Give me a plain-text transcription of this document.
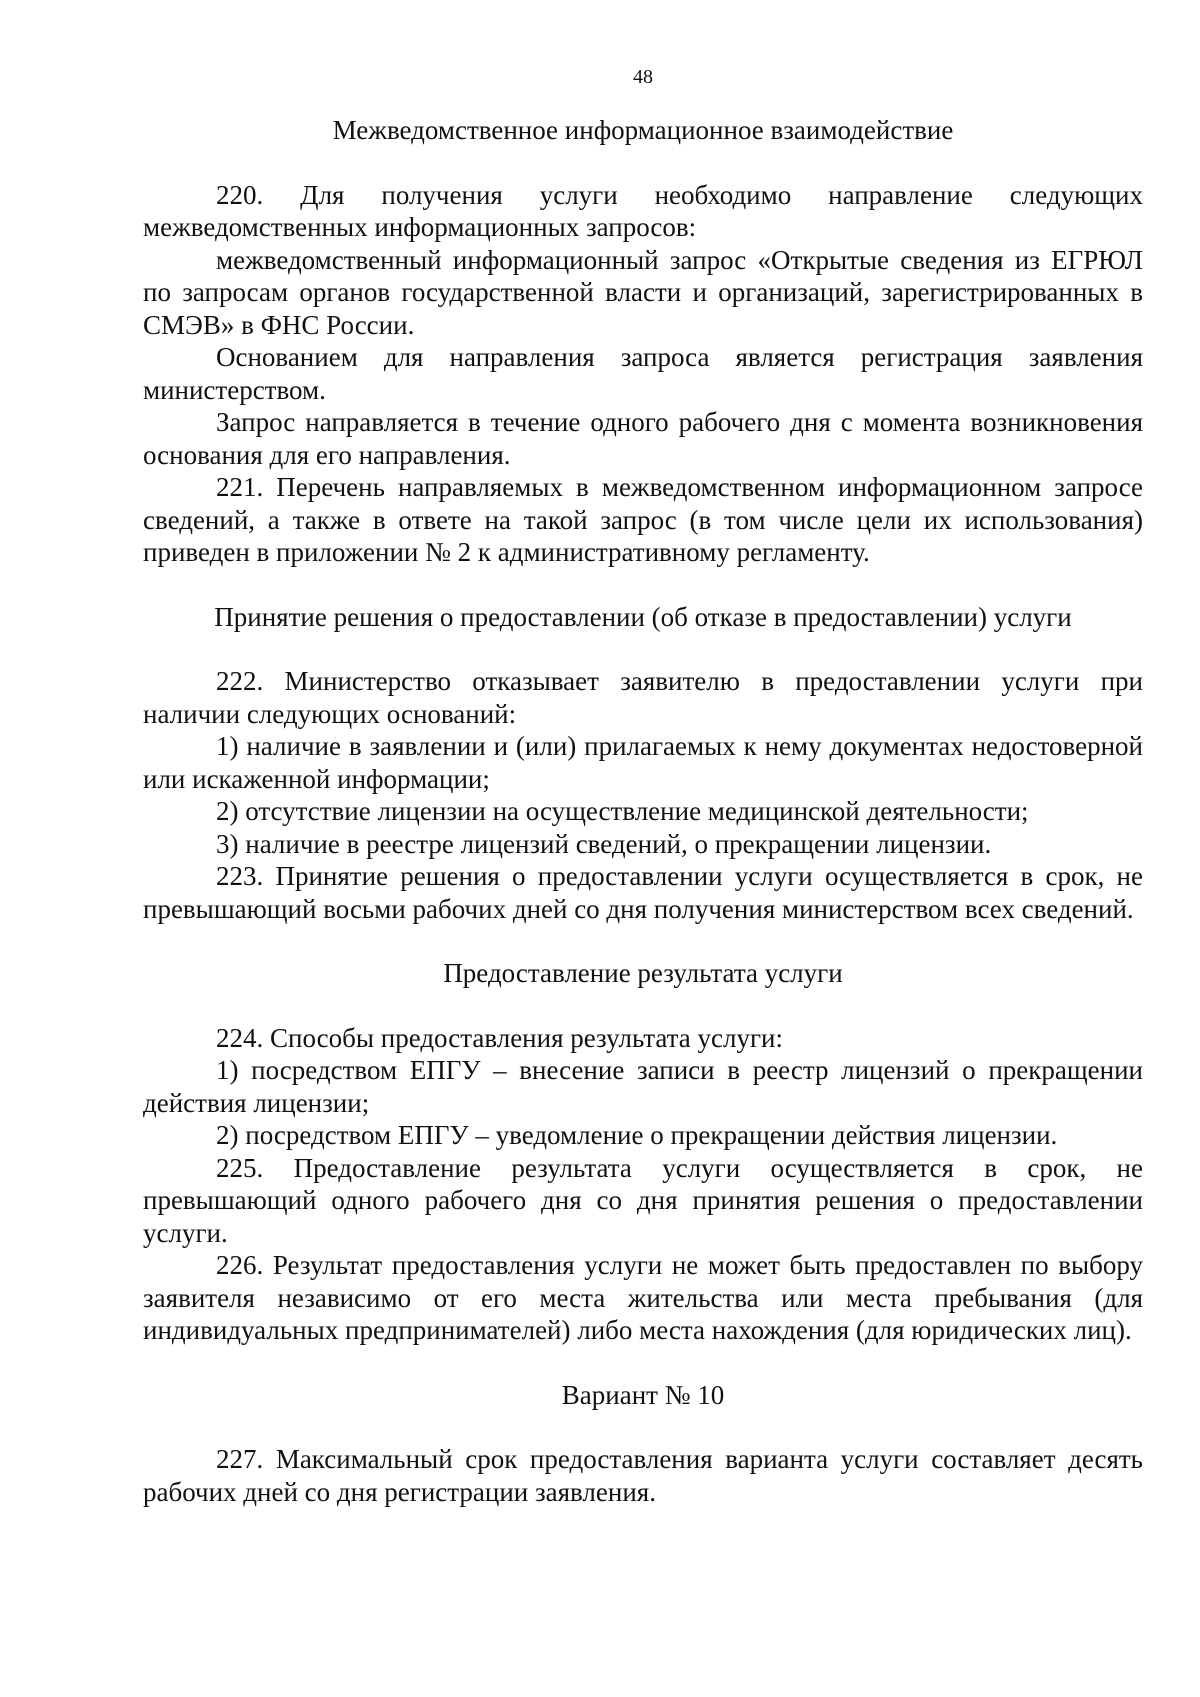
48
Межведомственное информационное взаимодействие

220. Для получения услуги необходимо направление следующих межведомственных информационных запросов:

межведомственный информационный запрос «Открытые сведения из ЕГРЮЛ по запросам органов государственной власти и организаций, зарегистрированных в СМЭВ» в ФНС России.

Основанием для направления запроса является регистрация заявления министерством.

Запрос направляется в течение одного рабочего дня с момента возникновения основания для его направления.

221. Перечень направляемых в межведомственном информационном запросе сведений, а также в ответе на такой запрос (в том числе цели их использования) приведен в приложении № 2 к административному регламенту.

Принятие решения о предоставлении (об отказе в предоставлении) услуги

222. Министерство отказывает заявителю в предоставлении услуги при наличии следующих оснований:

1) наличие в заявлении и (или) прилагаемых к нему документах недостоверной или искаженной информации;

2) отсутствие лицензии на осуществление медицинской деятельности;

3) наличие в реестре лицензий сведений, о прекращении лицензии.

223. Принятие решения о предоставлении услуги осуществляется в срок, не превышающий восьми рабочих дней со дня получения министерством всех сведений.

Предоставление результата услуги

224. Способы предоставления результата услуги:

1) посредством ЕПГУ – внесение записи в реестр лицензий о прекращении действия лицензии;

2) посредством ЕПГУ – уведомление о прекращении действия лицензии.

225. Предоставление результата услуги осуществляется в срок, не превышающий одного рабочего дня со дня принятия решения о предоставлении услуги.

226. Результат предоставления услуги не может быть предоставлен по выбору заявителя независимо от его места жительства или места пребывания (для индивидуальных предпринимателей) либо места нахождения (для юридических лиц).

Вариант № 10

227. Максимальный срок предоставления варианта услуги составляет десять рабочих дней со дня регистрации заявления.
